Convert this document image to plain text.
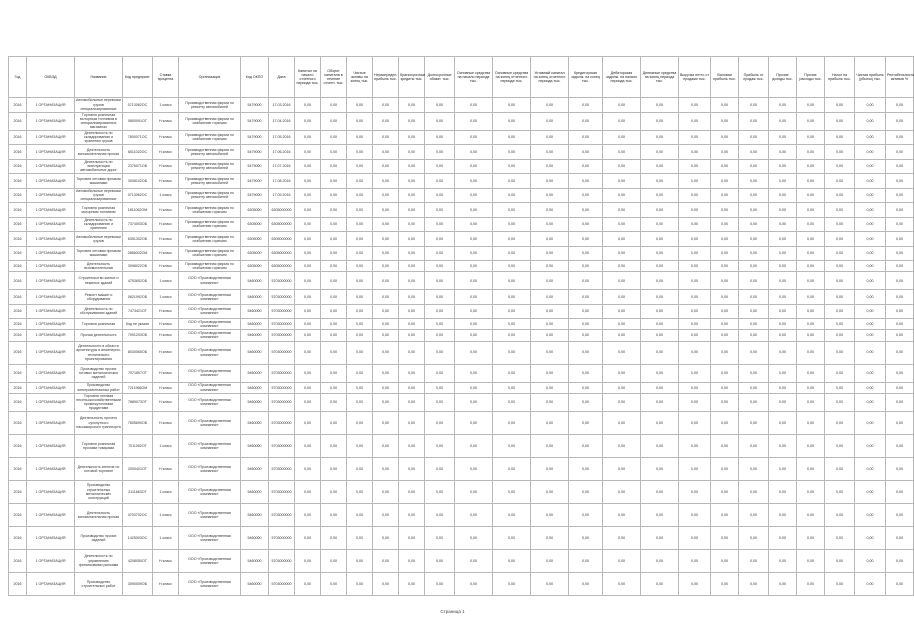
Год	ОКВЭД	Название	Код предприят.	Ставка процента	Организация	Код ОКПО	Дата	Капитал на начало отчетного периода тыс.	Оборот капитала в течение отчетн. тыс.	Чистые активы на конец тыс.	Нераспредел. прибыль тыс.	Краткосрочные кредиты тыс.	Долгосрочные обязат. тыс.	Основные средства на начало периода тыс.	Основные средства на конец отчетного периода тыс.	Уставный капитал на конец отчетного периода тыс.	Кредиторская задолж. на конец тыс.	Дебиторская задолж. на начало периода тыс.	Денежные средства на конец периода тыс.	Выручка нетто от продажи тыс.	Валовая прибыль тыс.	Прибыль от продаж тыс.	Прочие доходы тыс.	Прочие расходы тыс.	Налог на прибыль тыс.	Чистая прибыль (убыток) тыс.	Рентабельность активов %
2016	1 ОРГАНИЗАЦИЯ	Автомобильные перевозки грузов специализированные	0713062ОС	1 класс	Производственная фирма по ремонту автомобилей	5479000	17.03.2016	0,00	0,00	0,00	0,00	0,00	0,00	0,00	0,00	0,00	0,00	0,00	0,00	0,00	0,00	0,00	0,00	0,00	0,00	0,00	0,00
2016	1 ОРГАНИЗАЦИЯ	Торговля розничная моторным топливом в специализированных магазинах	0800091ОТ	Н класс	Производственная фирма по снабжению горючим	5479000	17.04.2016	0,00	0,00	0,00	0,00	0,00	0,00	0,00	0,00	0,00	0,00	0,00	0,00	0,00	0,00	0,00	0,00	0,00	0,00	0,00	0,00
2016	1 ОРГАНИЗАЦИЯ	Деятельность по складированию и хранению грузов	7800071ОС	Н класс	Производственная фирма по снабжению горючим	5479000	17.05.2016	0,00	0,00	0,00	0,00	0,00	0,00	0,00	0,00	0,00	0,00	0,00	0,00	0,00	0,00	0,00	0,00	0,00	0,00	0,00	0,00
2016	1 ОРГАНИЗАЦИЯ	Деятельность вспомогательная прочая	6511022ОС	Н класс	Производственная фирма по ремонту автомобилей	5479000	17.06.2016	0,00	0,00	0,00	0,00	0,00	0,00	0,00	0,00	0,00	0,00	0,00	0,00	0,00	0,00	0,00	0,00	0,00	0,00	0,00	0,00
2016	1 ОРГАНИЗАЦИЯ	Деятельность по эксплуатации автомобильных дорог	2376071ОБ	Н класс	Производственная фирма по ремонту автомобилей	5479000	17.07.2016	0,00	0,00	0,00	0,00	0,00	0,00	0,00	0,00	0,00	0,00	0,00	0,00	0,00	0,00	0,00	0,00	0,00	0,00	0,00	0,00
2016	1 ОРГАНИЗАЦИЯ	Торговля оптовая прочими машинами	3008102ОБ	Н класс	Производственная фирма по ремонту автомобилей	5479000	17.08.2016	0,00	0,00	0,00	0,00	0,00	0,00	0,00	0,00	0,00	0,00	0,00	0,00	0,00	0,00	0,00	0,00	0,00	0,00	0,00	0,00
2016	1 ОРГАНИЗАЦИЯ	Автомобильные перевозки грузов специализированные	0713062ОС	1 класс	Производственная фирма по ремонту автомобилей	5479000	17.09.2016	0,00	0,00	0,00	0,00	0,00	0,00	0,00	0,00	0,00	0,00	0,00	0,00	0,00	0,00	0,00	0,00	0,00	0,00	0,00	0,00
2016	1 ОРГАНИЗАЦИЯ	Торговля розничная моторным топливом	1811062ОМ	Н класс	Производственная фирма по снабжению горючим	6305000	6305000000	0,00	0,00	0,00	0,00	0,00	0,00	0,00	0,00	0,00	0,00	0,00	0,00	0,00	0,00	0,00	0,00	0,00	0,00	0,00	0,00
2016	1 ОРГАНИЗАЦИЯ	Деятельность по складированию и хранению	7374003ОБ	Н класс	Производственная фирма по снабжению горючим	6305000	6305000000	0,00	0,00	0,00	0,00	0,00	0,00	0,00	0,00	0,00	0,00	0,00	0,00	0,00	0,00	0,00	0,00	0,00	0,00	0,00	0,00
2016	1 ОРГАНИЗАЦИЯ	Автомобильные перевозки грузов	6351302ОБ	Н класс	Производственная фирма по снабжению горючим	6305000	6305000000	0,00	0,00	0,00	0,00	0,00	0,00	0,00	0,00	0,00	0,00	0,00	0,00	0,00	0,00	0,00	0,00	0,00	0,00	0,00	0,00
2016	1 ОРГАНИЗАЦИЯ	Торговля оптовая прочими машинами	2866002ОМ	Н класс	Производственная фирма по снабжению горючим	6305000	6305000000	0,00	0,00	0,00	0,00	0,00	0,00	0,00	0,00	0,00	0,00	0,00	0,00	0,00	0,00	0,00	0,00	0,00	0,00	0,00	0,00
2016	1 ОРГАНИЗАЦИЯ	Деятельность вспомогательная	3098022ОБ	Н класс	Производственная фирма по снабжению горючим	6305000	6305000000	0,00	0,00	0,00	0,00	0,00	0,00	0,00	0,00	0,00	0,00	0,00	0,00	0,00	0,00	0,00	0,00	0,00	0,00	0,00	0,00
2016	1 ОРГАНИЗАЦИЯ	Строительство жилых и нежилых зданий	4753652ОБ	1 класс	ООО «Производственная компания»	5460000	5703000000	0,00	0,00	0,00	0,00	0,00	0,00	0,00	0,00	0,00	0,00	0,00	0,00	0,00	0,00	0,00	0,00	0,00	0,00	0,00	0,00
2016	1 ОРГАНИЗАЦИЯ	Ремонт машин и оборудования	0621992ОБ	1 класс	ООО «Производственная компания»	5460000	5703000000	0,00	0,00	0,00	0,00	0,00	0,00	0,00	0,00	0,00	0,00	0,00	0,00	0,00	0,00	0,00	0,00	0,00	0,00	0,00	0,00
2016	1 ОРГАНИЗАЦИЯ	Деятельность по обслуживанию зданий	7473421ОТ	Н класс	ООО «Производственная компания»	5460000	5703000000	0,00	0,00	0,00	0,00	0,00	0,00	0,00	0,00	0,00	0,00	0,00	0,00	0,00	0,00	0,00	0,00	0,00	0,00	0,00	0,00
2016	1 ОРГАНИЗАЦИЯ	Торговля розничная	Код не указан	Н класс	ООО «Производственная компания»	5460000	5703000000	0,00	0,00	0,00	0,00	0,00	0,00	0,00	0,00	0,00	0,00	0,00	0,00	0,00	0,00	0,00	0,00	0,00	0,00	0,00	0,00
2016	1 ОРГАНИЗАЦИЯ	Прочая деятельность	7091203ОБ	Н класс	ООО «Производственная компания»	5460000	5703000000	0,00	0,00	0,00	0,00	0,00	0,00	0,00	0,00	0,00	0,00	0,00	0,00	0,00	0,00	0,00	0,00	0,00	0,00	0,00	0,00
2016	1 ОРГАНИЗАЦИЯ	Деятельность в области архитектуры и инженерно-технического проектирования	8030060ОБ	Н класс	ООО «Производственная компания»	5460000	5703000000	0,00	0,00	0,00	0,00	0,00	0,00	0,00	0,00	0,00	0,00	0,00	0,00	0,00	0,00	0,00	0,00	0,00	0,00	0,00	0,00
2016	1 ОРГАНИЗАЦИЯ	Производство прочих готовых металлических изделий	7071807ОТ	Н класс	ООО «Производственная компания»	5460000	5703000000	0,00	0,00	0,00	0,00	0,00	0,00	0,00	0,00	0,00	0,00	0,00	0,00	0,00	0,00	0,00	0,00	0,00	0,00	0,00	0,00
2016	1 ОРГАНИЗАЦИЯ	Производство электромонтажных работ	7211966ОМ	Н класс	ООО «Производственная компания»	5460000	5703000000	0,00	0,00	0,00	0,00	0,00	0,00	0,00	0,00	0,00	0,00	0,00	0,00	0,00	0,00	0,00	0,00	0,00	0,00	0,00	0,00
2016	1 ОРГАНИЗАЦИЯ	Торговля оптовая несельскохозяйственными промежуточными продуктами	7889073ОТ	Н класс	ООО «Производственная компания»	5460000	5703000000	0,00	0,00	0,00	0,00	0,00	0,00	0,00	0,00	0,00	0,00	0,00	0,00	0,00	0,00	0,00	0,00	0,00	0,00	0,00	0,00
2016	1 ОРГАНИЗАЦИЯ	Деятельность прочего сухопутного пассажирского транспорта	7805690ОБ	Н класс	ООО «Производственная компания»	5460000	5703000000	0,00	0,00	0,00	0,00	0,00	0,00	0,00	0,00	0,00	0,00	0,00	0,00	0,00	0,00	0,00	0,00	0,00	0,00	0,00	0,00
2016	1 ОРГАНИЗАЦИЯ	Торговля розничная прочими товарами	7011052ОТ	1 класс	ООО «Производственная компания»	5460000	5703000000	0,00	0,00	0,00	0,00	0,00	0,00	0,00	0,00	0,00	0,00	0,00	0,00	0,00	0,00	0,00	0,00	0,00	0,00	0,00	0,00
2016	1 ОРГАНИЗАЦИЯ	Деятельность агентов по оптовой торговле	2000401ОТ	Н класс	ООО «Производственная компания»	5460000	5703000000	0,00	0,00	0,00	0,00	0,00	0,00	0,00	0,00	0,00	0,00	0,00	0,00	0,00	0,00	0,00	0,00	0,00	0,00	0,00	0,00
2016	1 ОРГАНИЗАЦИЯ	Производство строительных металлических конструкций	2111663ОТ	1 класс	ООО «Производственная компания»	5460000	5703000000	0,00	0,00	0,00	0,00	0,00	0,00	0,00	0,00	0,00	0,00	0,00	0,00	0,00	0,00	0,00	0,00	0,00	0,00	0,00	0,00
2016	1 ОРГАНИЗАЦИЯ	Деятельность вспомогательная прочая	4703702ОС	1 класс	ООО «Производственная компания»	5460000	5703000000	0,00	0,00	0,00	0,00	0,00	0,00	0,00	0,00	0,00	0,00	0,00	0,00	0,00	0,00	0,00	0,00	0,00	0,00	0,00	0,00
2016	1 ОРГАНИЗАЦИЯ	Производство прочих изделий	1425003ОС	1 класс	ООО «Производственная компания»	5460000	5703000000	0,00	0,00	0,00	0,00	0,00	0,00	0,00	0,00	0,00	0,00	0,00	0,00	0,00	0,00	0,00	0,00	0,00	0,00	0,00	0,00
2016	1 ОРГАНИЗАЦИЯ	Деятельность по управлению финансовыми рынками	4208050ОТ	Н класс	ООО «Производственная компания»	5460000	5703000000	0,00	0,00	0,00	0,00	0,00	0,00	0,00	0,00	0,00	0,00	0,00	0,00	0,00	0,00	0,00	0,00	0,00	0,00	0,00	0,00
2016	1 ОРГАНИЗАЦИЯ	Производство строительных работ	3090009ОБ	Н класс	ООО «Производственная компания»	5460000	5703000000	0,00	0,00	0,00	0,00	0,00	0,00	0,00	0,00	0,00	0,00	0,00	0,00	0,00	0,00	0,00	0,00	0,00	0,00	0,00	0,00
Страница 1
